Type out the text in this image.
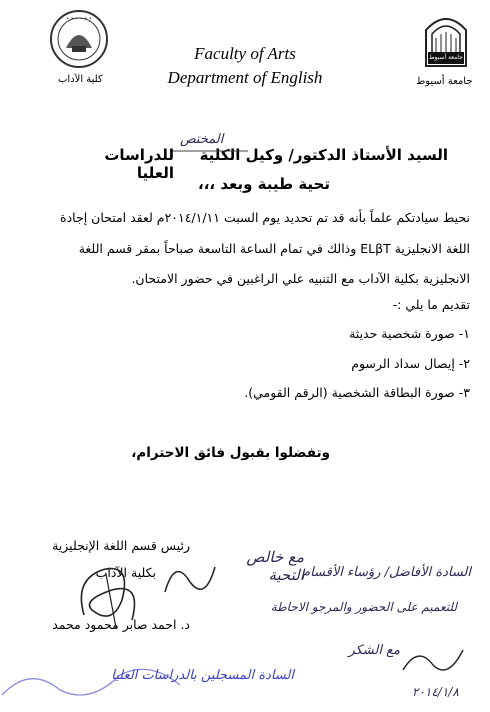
• • • • • •
كلية الآداب
جامعة أسيوط
جامعة أسيوط
Faculty of Arts
Department of English
السيد الأستاذ الدكتور/ وكيل الكلية
المختص
للدراسات العليا
تحية طيبة وبعد ،،،
نحيط سيادتكم علماً بأنه قد تم تحديد يوم السبت ٢٠١٤/١/١١م لعقد امتحان إجادة
اللغة الانجليزية ELβT وذالك في تمام الساعة التاسعة صباحاً بمقر قسم اللغة
الانجليزية بكلية الآداب مع التنبيه علي الراغبين في حضور الامتحان.
تقديم ما يلي :-
١- صورة شخصية حديثة
٢- إيصال سداد الرسوم
٣- صورة البطاقة الشخصية (الرقم القومي).
وتفضلوا بقبول فائق الاحترام،
رئيس قسم اللغة الإنجليزية
بكلية الآداب
د. احمد صابر محمود محمد
مع خالص التحية
السادة الأفاضل/ رؤساء الأقسام
للتعميم على الحضور والمرجو الاحاطة
مع الشكر
٢٠١٤/١/٨
السادة المسجلين بالدراسات العليا
